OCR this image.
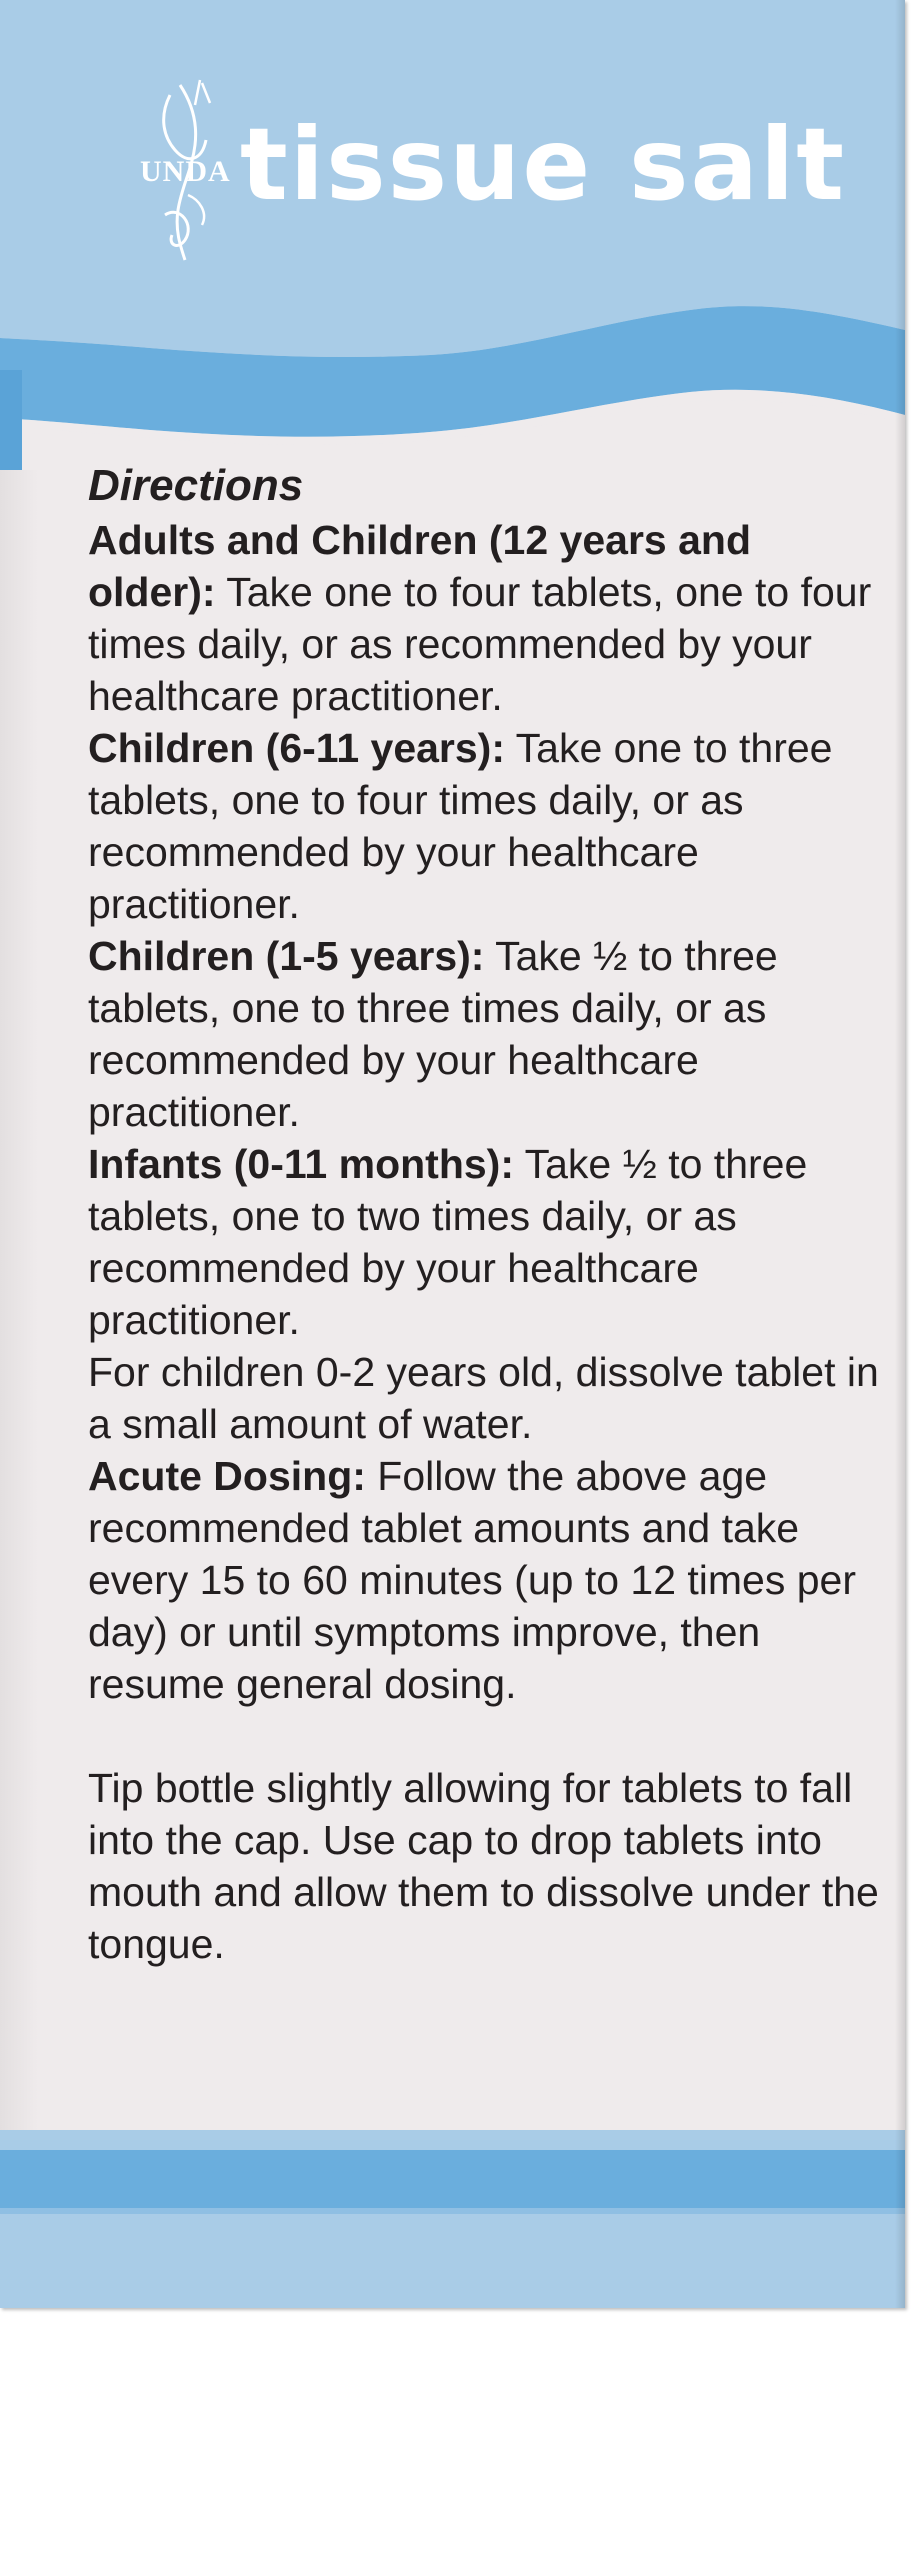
UNDA tissue salt
Directions

Adults and Children (12 years and older): Take one to four tablets, one to four times daily, or as recommended by your healthcare practitioner.

Children (6-11 years): Take one to three tablets, one to four times daily, or as recommended by your healthcare practitioner.

Children (1-5 years): Take ½ to three tablets, one to three times daily, or as recommended by your healthcare practitioner.

Infants (0-11 months): Take ½ to three tablets, one to two times daily, or as recommended by your healthcare practitioner.

For children 0-2 years old, dissolve tablet in a small amount of water.

Acute Dosing: Follow the above age recommended tablet amounts and take every 15 to 60 minutes (up to 12 times per day) or until symptoms improve, then resume general dosing.

Tip bottle slightly allowing for tablets to fall into the cap. Use cap to drop tablets into mouth and allow them to dissolve under the tongue.
